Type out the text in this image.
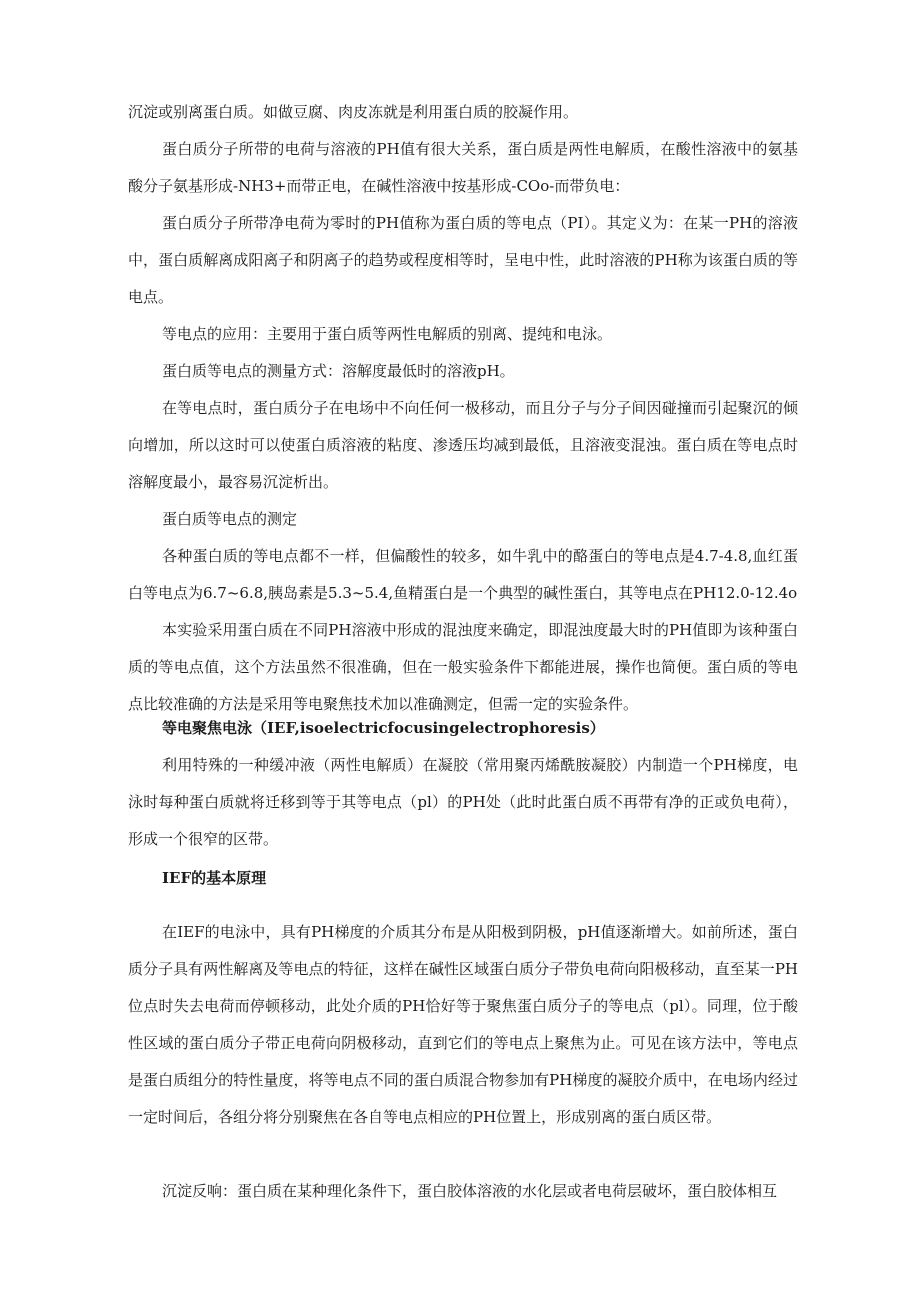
沉淀或别离蛋白质。如做豆腐、肉皮冻就是利用蛋白质的胶凝作用。

蛋白质分子所带的电荷与溶液的PH值有很大关系，蛋白质是两性电解质，在酸性溶液中的氨基酸分子氨基形成-NH3+而带正电，在碱性溶液中按基形成-COo-而带负电：

蛋白质分子所带净电荷为零时的PH值称为蛋白质的等电点（PI）。其定义为：在某一PH的溶液中，蛋白质解离成阳离子和阴离子的趋势或程度相等时，呈电中性，此时溶液的PH称为该蛋白质的等电点。

等电点的应用：主要用于蛋白质等两性电解质的别离、提纯和电泳。

蛋白质等电点的测量方式：溶解度最低时的溶液pH。

在等电点时，蛋白质分子在电场中不向任何一极移动，而且分子与分子间因碰撞而引起聚沉的倾向增加，所以这时可以使蛋白质溶液的粘度、渗透压均减到最低，且溶液变混浊。蛋白质在等电点时溶解度最小，最容易沉淀析出。

蛋白质等电点的测定

各种蛋白质的等电点都不一样，但偏酸性的较多，如牛乳中的酪蛋白的等电点是4.7-4.8,血红蛋白等电点为6.7~6.8,胰岛素是5.3~5.4,鱼精蛋白是一个典型的碱性蛋白，其等电点在PH12.0-12.4o

本实验采用蛋白质在不同PH溶液中形成的混浊度来确定，即混浊度最大时的PH值即为该种蛋白质的等电点值，这个方法虽然不很准确，但在一般实验条件下都能进展，操作也简便。蛋白质的等电点比较准确的方法是采用等电聚焦技术加以准确测定，但需一定的实验条件。

等电聚焦电泳（IEF,isoelectricfocusingelectrophoresis）

利用特殊的一种缓冲液（两性电解质）在凝胶（常用聚丙烯酰胺凝胶）内制造一个PH梯度，电泳时每种蛋白质就将迁移到等于其等电点（pl）的PH处（此时此蛋白质不再带有净的正或负电荷），形成一个很窄的区带。

IEF的基本原理

在IEF的电泳中，具有PH梯度的介质其分布是从阳极到阴极，pH值逐渐增大。如前所述，蛋白质分子具有两性解离及等电点的特征，这样在碱性区域蛋白质分子带负电荷向阳极移动，直至某一PH位点时失去电荷而停顿移动，此处介质的PH恰好等于聚焦蛋白质分子的等电点（pl）。同理，位于酸性区域的蛋白质分子带正电荷向阴极移动，直到它们的等电点上聚焦为止。可见在该方法中，等电点是蛋白质组分的特性量度，将等电点不同的蛋白质混合物参加有PH梯度的凝胶介质中，在电场内经过一定时间后，各组分将分别聚焦在各自等电点相应的PH位置上，形成别离的蛋白质区带。

沉淀反响：蛋白质在某种理化条件下，蛋白胶体溶液的水化层或者电荷层破坏，蛋白胶体相互
